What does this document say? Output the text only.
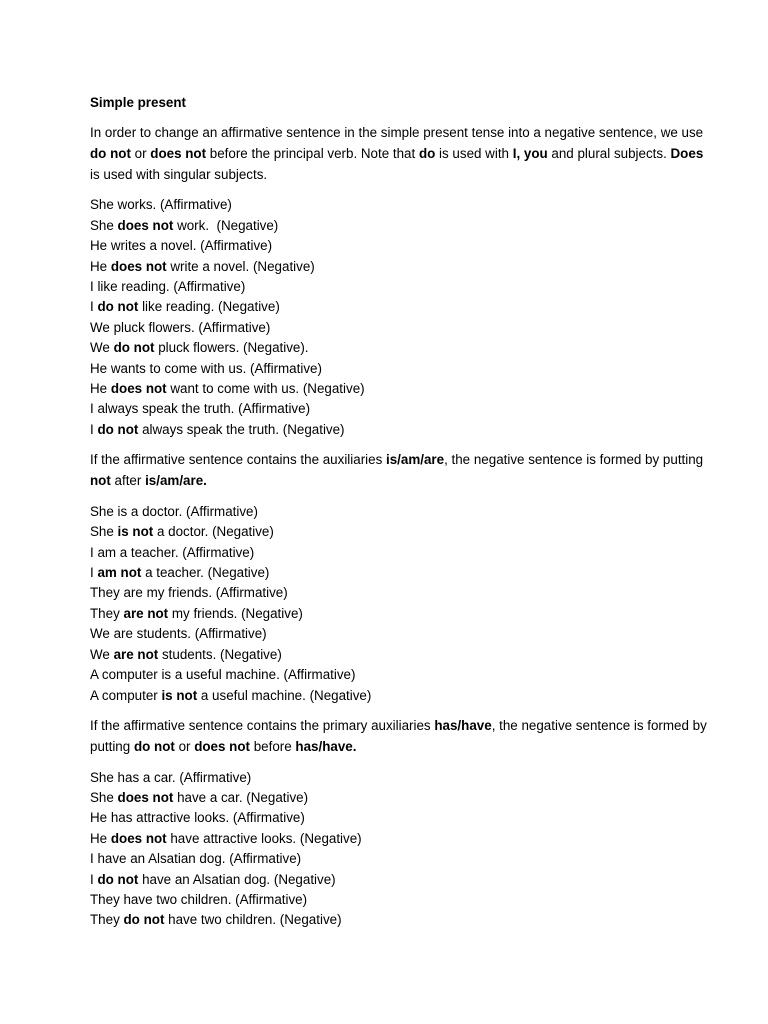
Simple present
In order to change an affirmative sentence in the simple present tense into a negative sentence, we use do not or does not before the principal verb. Note that do is used with I, you and plural subjects. Does is used with singular subjects.
She works. (Affirmative)
She does not work.  (Negative)
He writes a novel. (Affirmative)
He does not write a novel. (Negative)
I like reading. (Affirmative)
I do not like reading. (Negative)
We pluck flowers. (Affirmative)
We do not pluck flowers. (Negative).
He wants to come with us. (Affirmative)
He does not want to come with us. (Negative)
I always speak the truth. (Affirmative)
I do not always speak the truth. (Negative)
If the affirmative sentence contains the auxiliaries is/am/are, the negative sentence is formed by putting not after is/am/are.
She is a doctor. (Affirmative)
She is not a doctor. (Negative)
I am a teacher. (Affirmative)
I am not a teacher. (Negative)
They are my friends. (Affirmative)
They are not my friends. (Negative)
We are students. (Affirmative)
We are not students. (Negative)
A computer is a useful machine. (Affirmative)
A computer is not a useful machine. (Negative)
If the affirmative sentence contains the primary auxiliaries has/have, the negative sentence is formed by putting do not or does not before has/have.
She has a car. (Affirmative)
She does not have a car. (Negative)
He has attractive looks. (Affirmative)
He does not have attractive looks. (Negative)
I have an Alsatian dog. (Affirmative)
I do not have an Alsatian dog. (Negative)
They have two children. (Affirmative)
They do not have two children. (Negative)
